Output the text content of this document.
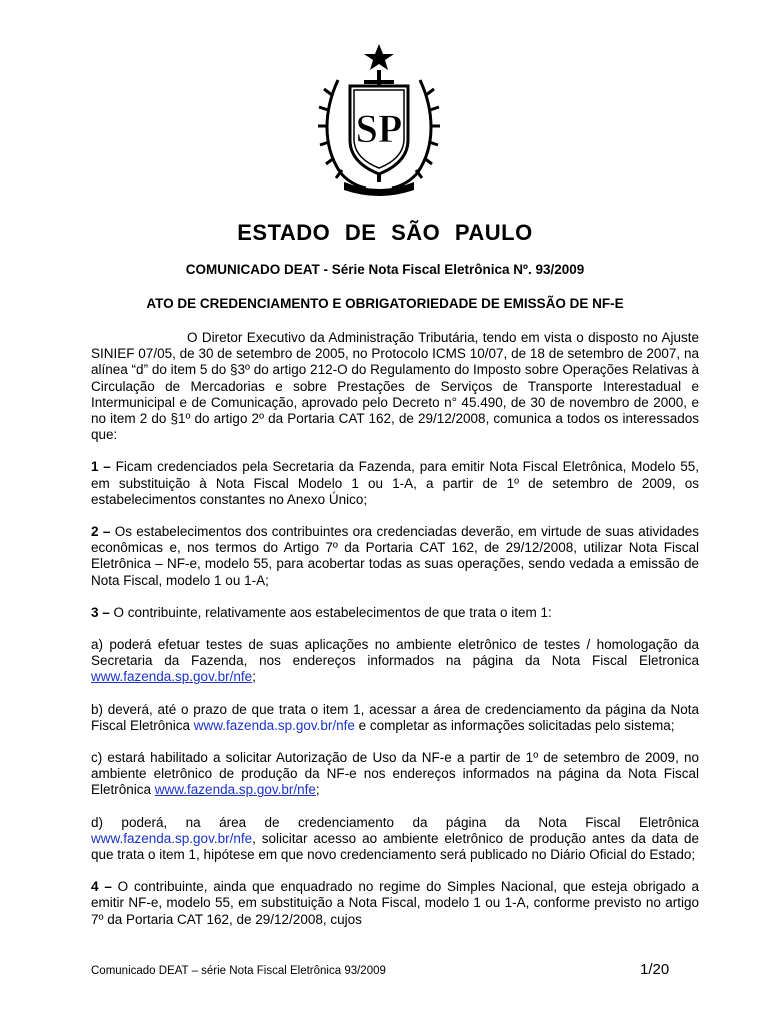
SP
ESTADO DE SÃO PAULO
COMUNICADO DEAT - Série Nota Fiscal Eletrônica Nº. 93/2009
ATO DE CREDENCIAMENTO E OBRIGATORIEDADE DE EMISSÃO DE NF-E

O Diretor Executivo da Administração Tributária, tendo em vista o disposto no Ajuste SINIEF 07/05, de 30 de setembro de 2005, no Protocolo ICMS 10/07, de 18 de setembro de 2007, na alínea “d” do item 5 do §3º do artigo 212-O do Regulamento do Imposto sobre Operações Relativas à Circulação de Mercadorias e sobre Prestações de Serviços de Transporte Interestadual e Intermunicipal e de Comunicação, aprovado pelo Decreto n° 45.490, de 30 de novembro de 2000, e no item 2 do §1º do artigo 2º da Portaria CAT 162, de 29/12/2008, comunica a todos os interessados que:

1 – Ficam credenciados pela Secretaria da Fazenda, para emitir Nota Fiscal Eletrônica, Modelo 55, em substituição à Nota Fiscal Modelo 1 ou 1-A, a partir de 1º de setembro de 2009, os estabelecimentos constantes no Anexo Único;

2 – Os estabelecimentos dos contribuintes ora credenciadas deverão, em virtude de suas atividades econômicas e, nos termos do Artigo 7º da Portaria CAT 162, de 29/12/2008, utilizar Nota Fiscal Eletrônica – NF-e, modelo 55, para acobertar todas as suas operações, sendo vedada a emissão de Nota Fiscal, modelo 1 ou 1-A;

3 – O contribuinte, relativamente aos estabelecimentos de que trata o item 1:

a) poderá efetuar testes de suas aplicações no ambiente eletrônico de testes / homologação da Secretaria da Fazenda, nos endereços informados na página da Nota Fiscal Eletronica www.fazenda.sp.gov.br/nfe;

b) deverá, até o prazo de que trata o item 1, acessar a área de credenciamento da página da Nota Fiscal Eletrônica www.fazenda.sp.gov.br/nfe e completar as informações solicitadas pelo sistema;

c) estará habilitado a solicitar Autorização de Uso da NF-e a partir de 1º de setembro de 2009, no ambiente eletrônico de produção da NF-e nos endereços informados na página da Nota Fiscal Eletrônica www.fazenda.sp.gov.br/nfe;

d) poderá, na área de credenciamento da página da Nota Fiscal Eletrônica www.fazenda.sp.gov.br/nfe, solicitar acesso ao ambiente eletrônico de produção antes da data de que trata o item 1, hipótese em que novo credenciamento será publicado no Diário Oficial do Estado;

4 – O contribuinte, ainda que enquadrado no regime do Simples Nacional, que esteja obrigado a emitir NF-e, modelo 55, em substituição a Nota Fiscal, modelo 1 ou 1-A, conforme previsto no artigo 7º da Portaria CAT 162, de 29/12/2008, cujos

Comunicado DEAT – série Nota Fiscal Eletrônica 93/2009	1/20
